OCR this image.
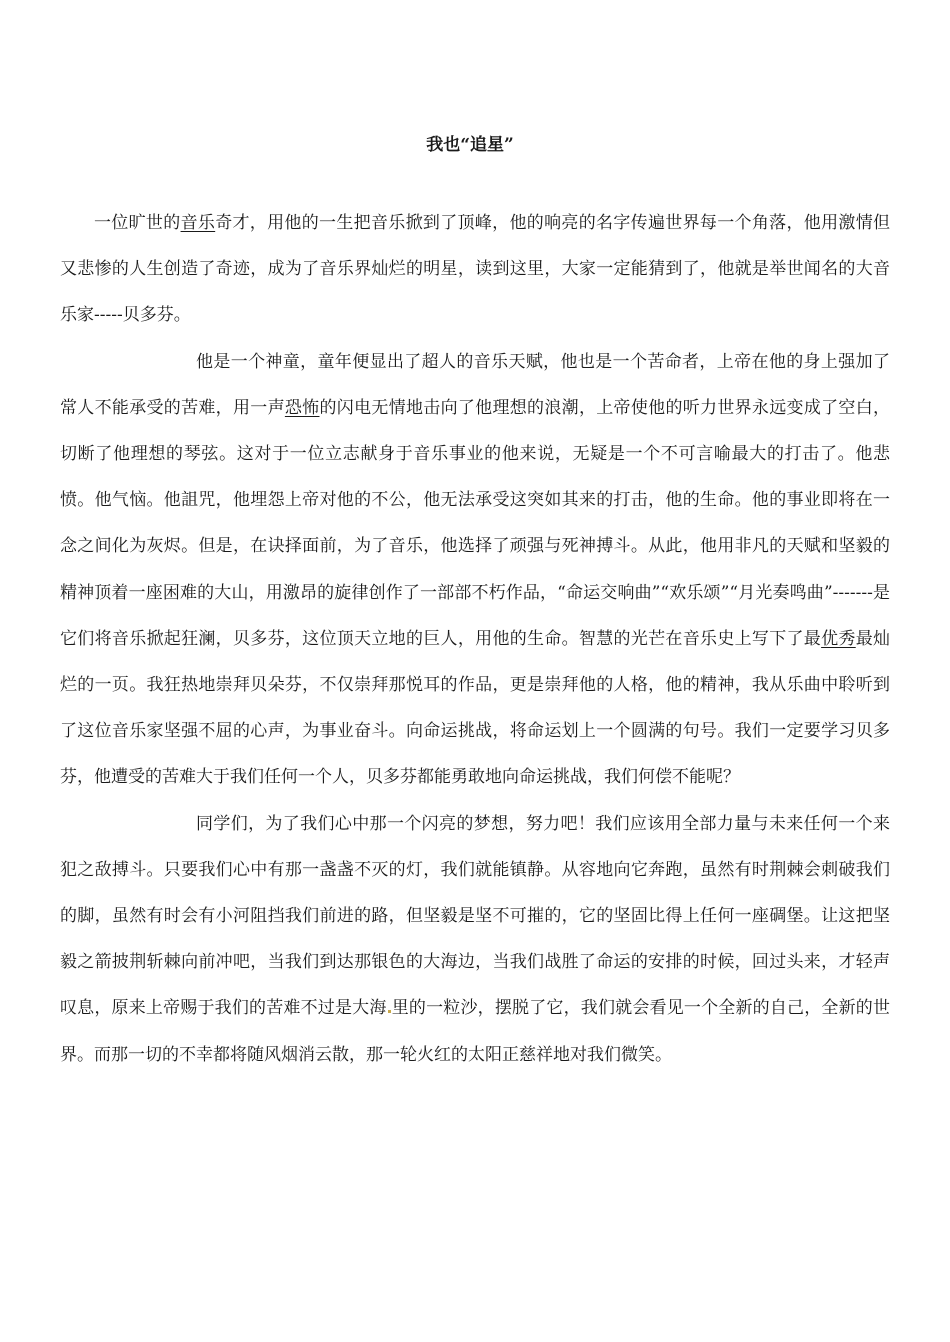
我也“追星”

一位旷世的音乐奇才，用他的一生把音乐掀到了顶峰，他的响亮的名字传遍世界每一个角落，他用激情但又悲惨的人生创造了奇迹，成为了音乐界灿烂的明星，读到这里，大家一定能猜到了，他就是举世闻名的大音乐家-----贝多芬。

他是一个神童，童年便显出了超人的音乐天赋，他也是一个苦命者，上帝在他的身上强加了常人不能承受的苦难，用一声恐怖的闪电无情地击向了他理想的浪潮，上帝使他的听力世界永远变成了空白，切断了他理想的琴弦。这对于一位立志献身于音乐事业的他来说，无疑是一个不可言喻最大的打击了。他悲愤。他气恼。他詛咒，他埋怨上帝对他的不公，他无法承受这突如其来的打击，他的生命。他的事业即将在一念之间化为灰烬。但是，在诀择面前，为了音乐，他选择了顽强与死神搏斗。从此，他用非凡的天赋和坚毅的精神顶着一座困难的大山，用激昂的旋律创作了一部部不朽作品，“命运交响曲”“欢乐颂”“月光奏鸣曲”-------是它们将音乐掀起狂澜，贝多芬，这位顶天立地的巨人，用他的生命。智慧的光芒在音乐史上写下了最优秀最灿烂的一页。我狂热地崇拜贝朵芬，不仅崇拜那悦耳的作品，更是崇拜他的人格，他的精神，我从乐曲中聆听到了这位音乐家坚强不屈的心声，为事业奋斗。向命运挑战，将命运划上一个圆满的句号。我们一定要学习贝多芬，他遭受的苦难大于我们任何一个人，贝多芬都能勇敢地向命运挑战，我们何偿不能呢？

同学们，为了我们心中那一个闪亮的梦想，努力吧！我们应该用全部力量与未来任何一个来犯之敌搏斗。只要我们心中有那一盏盏不灭的灯，我们就能镇静。从容地向它奔跑，虽然有时荆棘会刺破我们的脚，虽然有时会有小河阻挡我们前进的路，但坚毅是坚不可摧的，它的坚固比得上任何一座碉堡。让这把坚毅之箭披荆斩棘向前冲吧，当我们到达那银色的大海边，当我们战胜了命运的安排的时候，回过头来，才轻声叹息，原来上帝赐于我们的苦难不过是大海 里的一粒沙，摆脱了它，我们就会看见一个全新的自己，全新的世界。而那一切的不幸都将随风烟消云散，那一轮火红的太阳正慈祥地对我们微笑。
